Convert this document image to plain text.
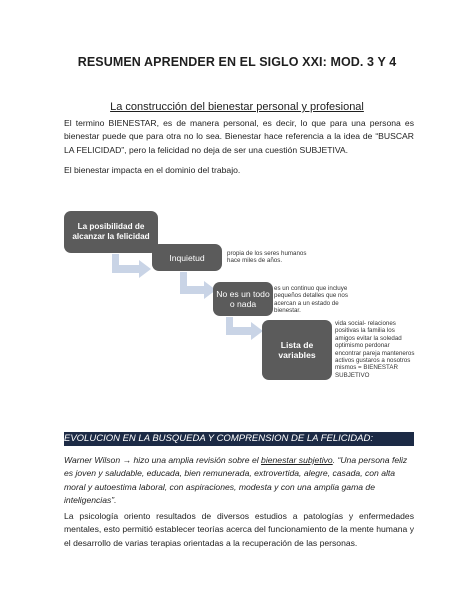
RESUMEN APRENDER EN EL SIGLO XXI: MOD. 3 Y 4
La construcción del bienestar personal y profesional
El termino BIENESTAR, es de manera personal, es decir, lo que para una persona es bienestar puede que para otra no lo sea. Bienestar hace referencia a la idea de “BUSCAR LA FELICIDAD”, pero la felicidad no deja de ser una cuestión SUBJETIVA.
El bienestar impacta en el dominio del trabajo.
La posibilidad de alcanzar la felicidad
Inquietud
No es un todo o nada
Lista de variables
propia de los seres humanos hace miles de años.
es un continuo que incluye pequeños detalles que nos acercan a un estado de bienestar.
vida social- relaciones positivas la familia los amigos evitar la soledad optimismo perdonar encontrar pareja manteneros activos gustaros a nosotros mismos = BIENESTAR SUBJETIVO
EVOLUCION EN LA BUSQUEDA Y COMPRENSION DE LA FELICIDAD:
Warner Wilson → hizo una amplia revisión sobre el bienestar subjetivo. “Una persona feliz es joven y saludable, educada, bien remunerada, extrovertida, alegre, casada, con alta moral y autoestima laboral, con aspiraciones, modesta y con una amplia gama de inteligencias”.
La psicología oriento resultados de diversos estudios a patologías y enfermedades mentales, esto permitió establecer teorías acerca del funcionamiento de la mente humana y el desarrollo de varias terapias orientadas a la recuperación de las personas.
